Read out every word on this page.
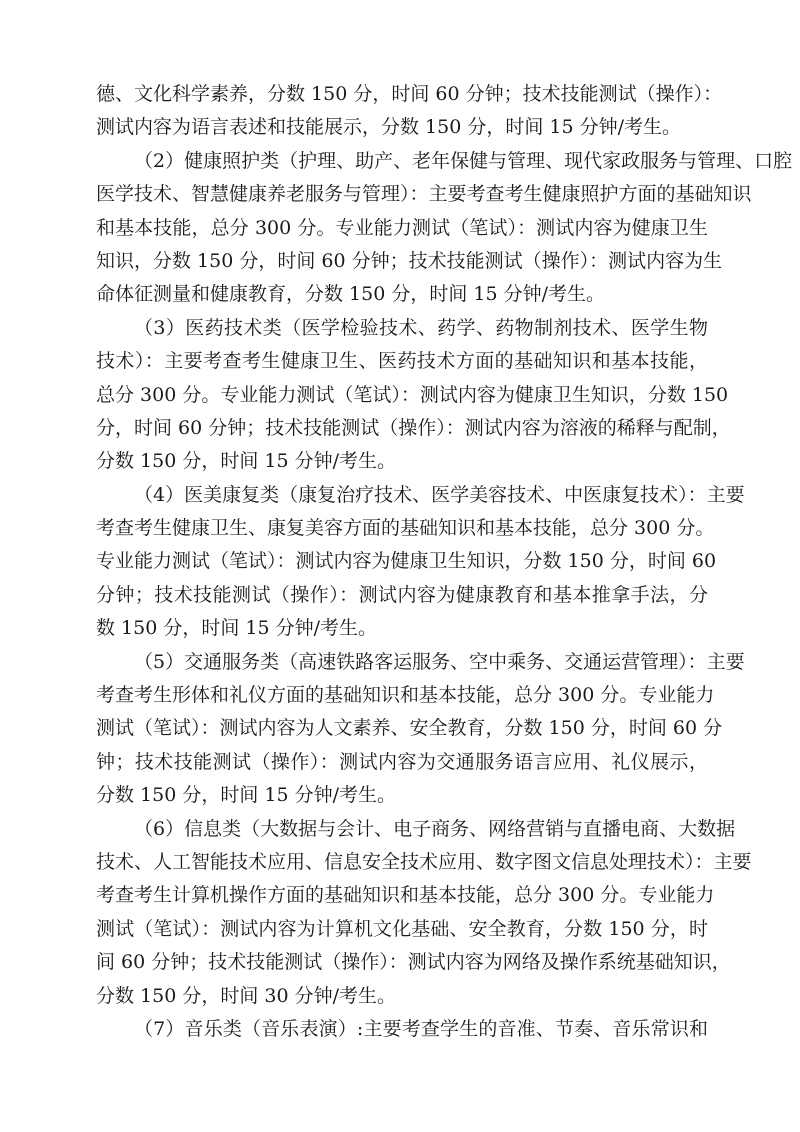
德、文化科学素养，分数 150 分，时间 60 分钟；技术技能测试（操作）：
测试内容为语言表述和技能展示，分数 150 分，时间 15 分钟/考生。
（2）健康照护类（护理、助产、老年保健与管理、现代家政服务与管理、口腔
医学技术、智慧健康养老服务与管理）：主要考查考生健康照护方面的基础知识
和基本技能，总分 300 分。专业能力测试（笔试）：测试内容为健康卫生
知识，分数 150 分，时间 60 分钟；技术技能测试（操作）：测试内容为生
命体征测量和健康教育，分数 150 分，时间 15 分钟/考生。
（3）医药技术类（医学检验技术、药学、药物制剂技术、医学生物
技术）：主要考查考生健康卫生、医药技术方面的基础知识和基本技能，
总分 300 分。专业能力测试（笔试）：测试内容为健康卫生知识，分数 150
分，时间 60 分钟；技术技能测试（操作）：测试内容为溶液的稀释与配制，
分数 150 分，时间 15 分钟/考生。
（4）医美康复类（康复治疗技术、医学美容技术、中医康复技术）：主要
考查考生健康卫生、康复美容方面的基础知识和基本技能，总分 300 分。
专业能力测试（笔试）：测试内容为健康卫生知识，分数 150 分，时间 60
分钟；技术技能测试（操作）：测试内容为健康教育和基本推拿手法，分
数 150 分，时间 15 分钟/考生。
（5）交通服务类（高速铁路客运服务、空中乘务、交通运营管理）：主要
考查考生形体和礼仪方面的基础知识和基本技能，总分 300 分。专业能力
测试（笔试）：测试内容为人文素养、安全教育，分数 150 分，时间 60 分
钟；技术技能测试（操作）：测试内容为交通服务语言应用、礼仪展示，
分数 150 分，时间 15 分钟/考生。
（6）信息类（大数据与会计、电子商务、网络营销与直播电商、大数据
技术、人工智能技术应用、信息安全技术应用、数字图文信息处理技术）：主要
考查考生计算机操作方面的基础知识和基本技能，总分 300 分。专业能力
测试（笔试）：测试内容为计算机文化基础、安全教育，分数 150 分，时
间 60 分钟；技术技能测试（操作）：测试内容为网络及操作系统基础知识，
分数 150 分，时间 30 分钟/考生。
（7）音乐类（音乐表演）:主要考查学生的音准、节奏、音乐常识和
